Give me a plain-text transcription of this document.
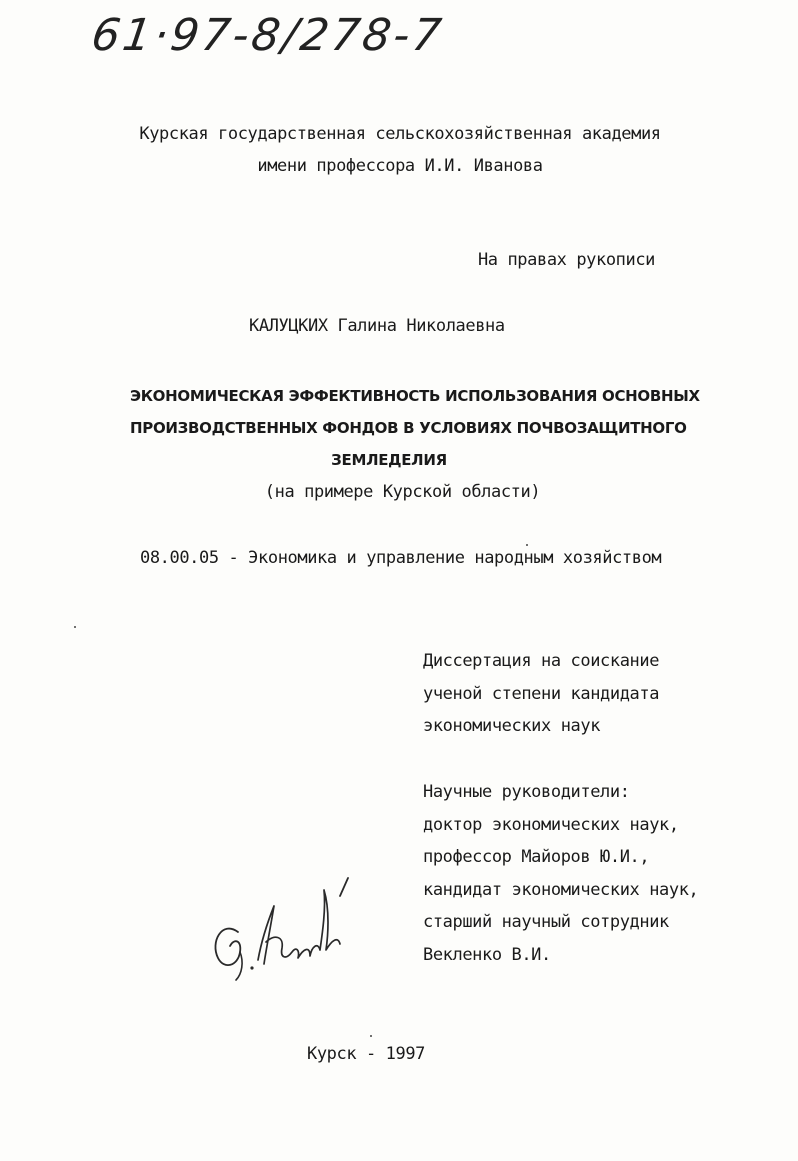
61·97-8/278-7
Курская государственная сельскохозяйственная академия
имени профессора И.И. Иванова
На правах рукописи
КАЛУЦКИХ Галина Николаевна
ЭКОНОМИЧЕСКАЯ ЭФФЕКТИВНОСТЬ ИСПОЛЬЗОВАНИЯ ОСНОВНЫХ
ПРОИЗВОДСТВЕННЫХ ФОНДОВ В УСЛОВИЯХ ПОЧВОЗАЩИТНОГО
ЗЕМЛЕДЕЛИЯ
(на примере Курской области)
08.00.05 - Экономика и управление народным хозяйством
Диссертация на соискание
ученой степени кандидата
экономических наук
Научные руководители:
доктор экономических наук,
профессор Майоров Ю.И.,
кандидат экономических наук,
старший научный сотрудник
Векленко В.И.
Курск - 1997
